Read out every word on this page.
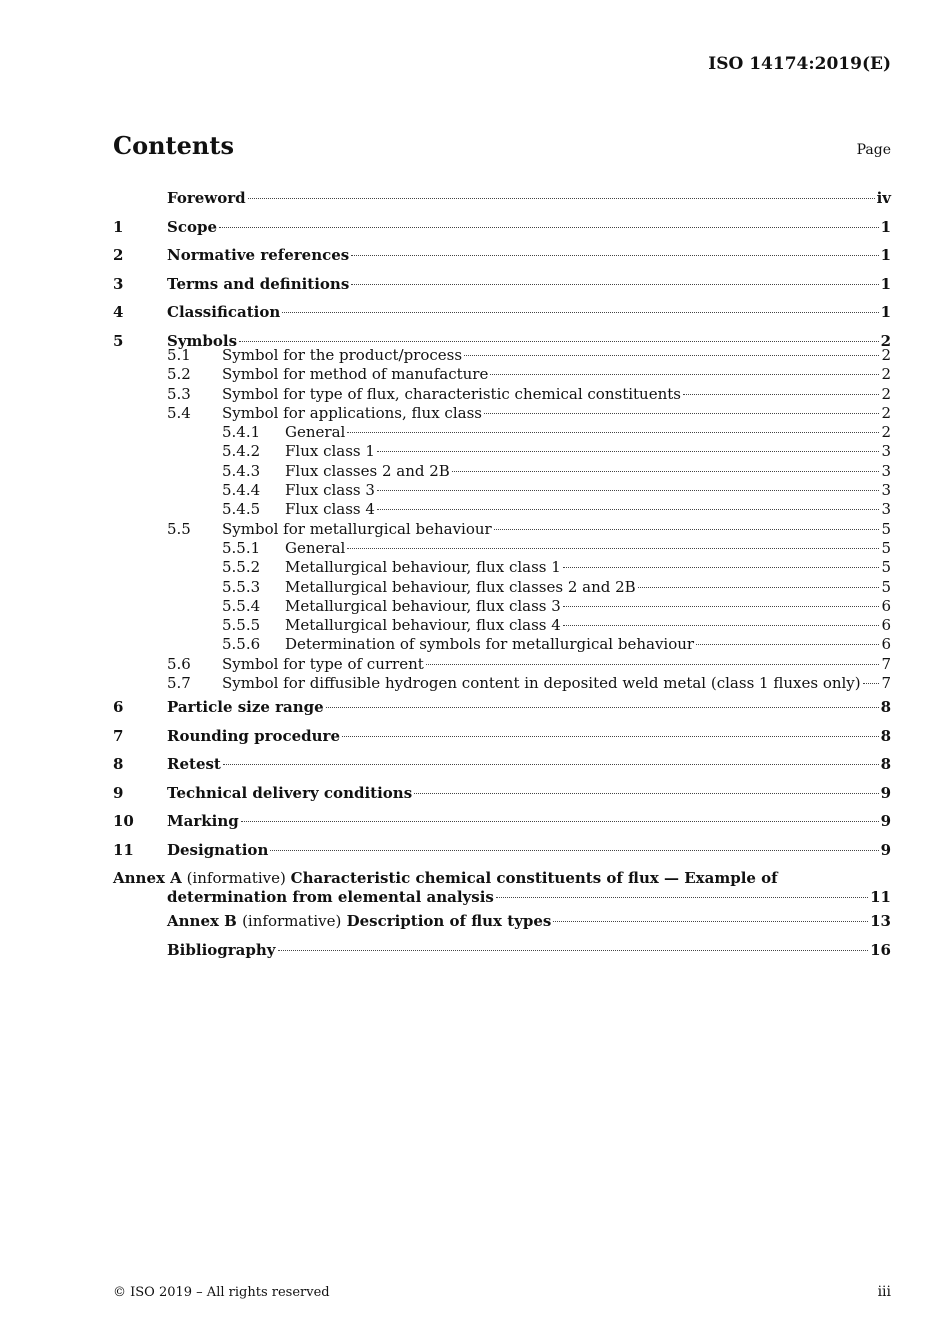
ISO 14174:2019(E)
Contents	Page
Foreword	iv
1	Scope	1
2	Normative references	1
3	Terms and definitions	1
4	Classification	1
5	Symbols	2
5.1 Symbol for the product/process	2
5.2 Symbol for method of manufacture	2
5.3 Symbol for type of flux, characteristic chemical constituents	2
5.4 Symbol for applications, flux class	2
5.4.1 General	2
5.4.2 Flux class 1	3
5.4.3 Flux classes 2 and 2B	3
5.4.4 Flux class 3	3
5.4.5 Flux class 4	3
5.5 Symbol for metallurgical behaviour	5
5.5.1 General	5
5.5.2 Metallurgical behaviour, flux class 1	5
5.5.3 Metallurgical behaviour, flux classes 2 and 2B	5
5.5.4 Metallurgical behaviour, flux class 3	6
5.5.5 Metallurgical behaviour, flux class 4	6
5.5.6 Determination of symbols for metallurgical behaviour	6
5.6 Symbol for type of current	7
5.7 Symbol for diffusible hydrogen content in deposited weld metal (class 1 fluxes only) 7
6	Particle size range	8
7	Rounding procedure	8
8	Retest	8
9	Technical delivery conditions	9
10 Marking	9
11 Designation	9
Annex A (informative) Characteristic chemical constituents of flux — Example of
determination from elemental analysis	11
Annex B (informative) Description of flux types	13
Bibliography	16
© ISO 2019 – All rights reserved	iii
